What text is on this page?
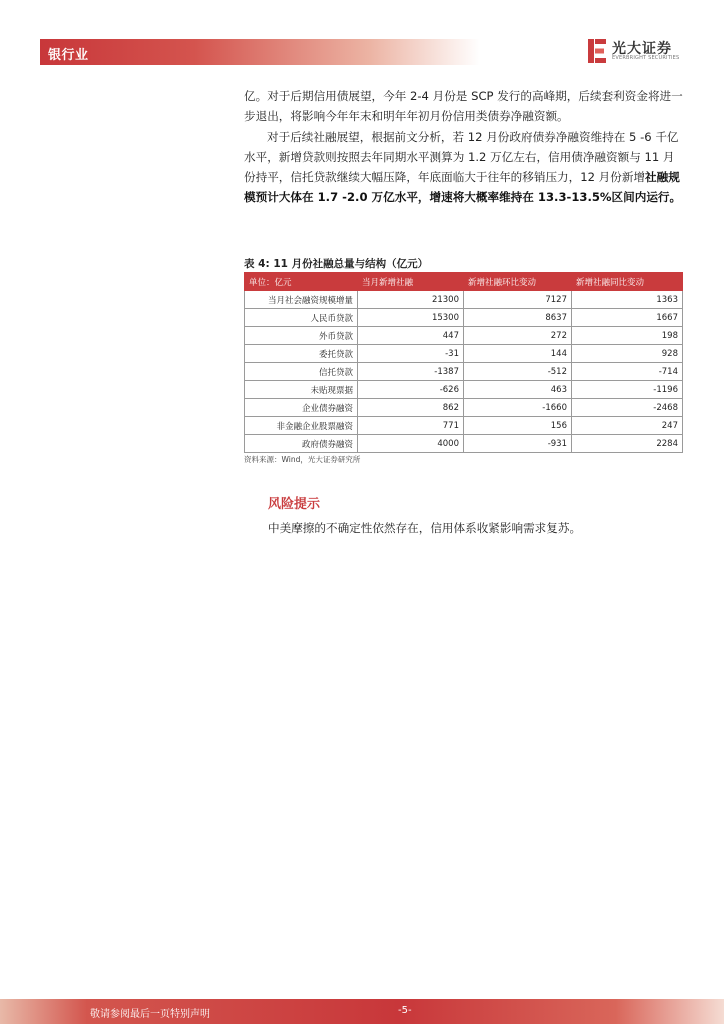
银行业	光大证券
EVERBRIGHT SECURITIES

亿。对于后期信用债展望，今年 2-4 月份是 SCP 发行的高峰期，后续套利资金将进一步退出，将影响今年年末和明年年初月份信用类债券净融资额。

对于后续社融展望，根据前文分析，若 12 月份政府债券净融资维持在 5 -6 千亿水平，新增贷款则按照去年同期水平测算为 1.2 万亿左右，信用债净融资额与 11 月份持平，信托贷款继续大幅压降，年底面临大于往年的移销压力，12 月份新增社融规模预计大体在 1.7 -2.0 万亿水平，增速将大概率维持在 13.3-13.5%区间内运行。

表 4: 11 月份社融总量与结构（亿元）
单位：亿元	当月新增社融	新增社融环比变动	新增社融同比变动
当月社会融资规模增量	21300	7127	1363
人民币贷款	15300	8637	1667
外币贷款	447	272	198
委托贷款	-31	144	928
信托贷款	-1387	-512	-714
未贴现票据	-626	463	-1196
企业债券融资	862	-1660	-2468
非金融企业股票融资	771	156	247
政府债券融资	4000	-931	2284
资料来源：Wind，光大证券研究所
风险提示
中美摩擦的不确定性依然存在，信用体系收紧影响需求复苏。
敬请参阅最后一页特别声明	-5-
